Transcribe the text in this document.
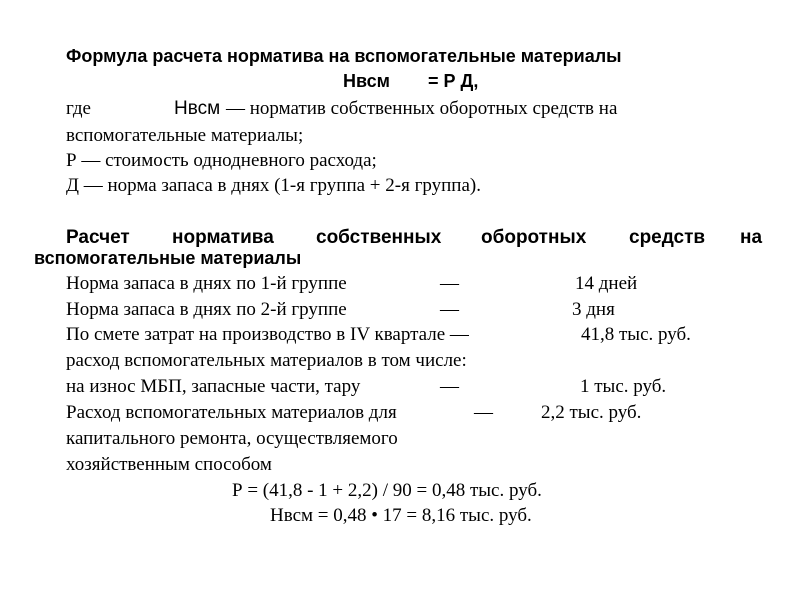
Формула расчета норматива на вспомогательные материалы
Нвсм = Р Д,
где	Нвсм — норматив собственных оборотных средств на
вспомогательные материалы;
Р — стоимость однодневного расхода;
Д — норма запаса в днях (1-я группа + 2-я группа).
Расчет норматива собственных оборотных средств на
вспомогательные материалы
Норма запаса в днях по 1-й группе	—	14 дней
Норма запаса в днях по 2-й группе	—	3 дня
По смете затрат на производство в IV квартале —	41,8 тыс. руб.
расход вспомогательных материалов в том числе:
на износ МБП, запасные части, тару	—	1 тыс. руб.
Расход вспомогательных материалов для	—	2,2 тыс. руб.
капитального ремонта, осуществляемого
хозяйственным способом
Р = (41,8 - 1 + 2,2) / 90 = 0,48 тыс. руб.
Нвсм = 0,48 • 17 = 8,16 тыс. руб.
